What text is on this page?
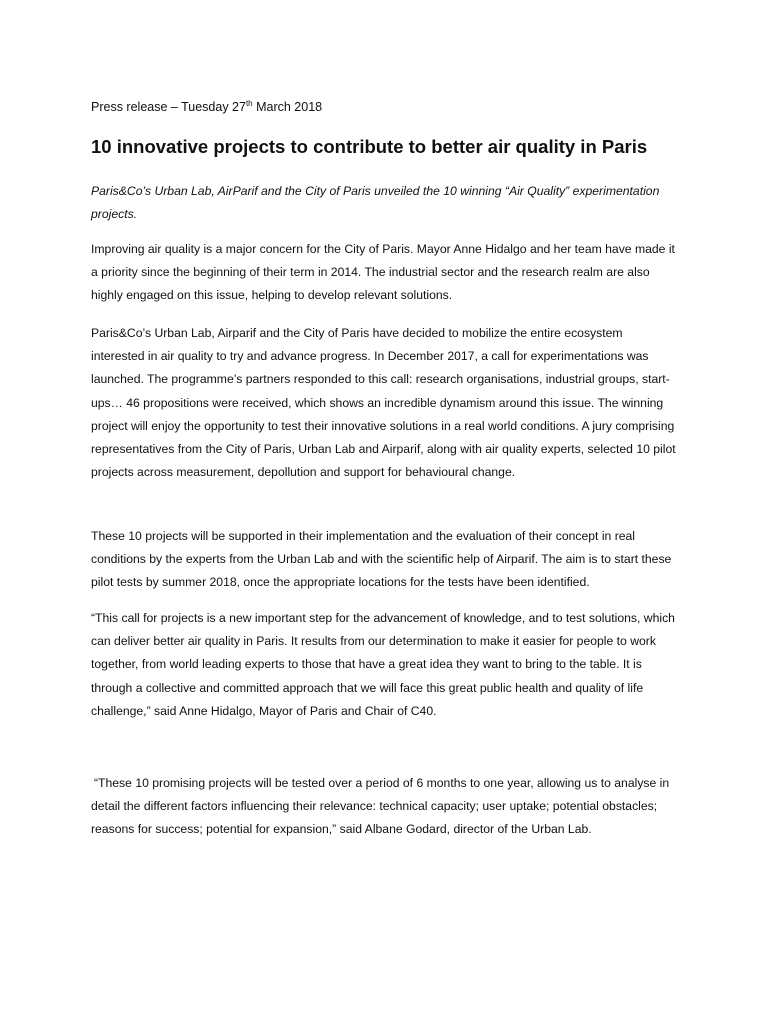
Press release – Tuesday 27th March 2018
10 innovative projects to contribute to better air quality in Paris

Paris&Co’s Urban Lab, AirParif and the City of Paris unveiled the 10 winning “Air Quality” experimentation projects.

Improving air quality is a major concern for the City of Paris. Mayor Anne Hidalgo and her team have made it a priority since the beginning of their term in 2014. The industrial sector and the research realm are also highly engaged on this issue, helping to develop relevant solutions.

Paris&Co’s Urban Lab, Airparif and the City of Paris have decided to mobilize the entire ecosystem interested in air quality to try and advance progress. In December 2017, a call for experimentations was launched. The programme’s partners responded to this call: research organisations, industrial groups, start-ups… 46 propositions were received, which shows an incredible dynamism around this issue. The winning project will enjoy the opportunity to test their innovative solutions in a real world conditions. A jury comprising representatives from the City of Paris, Urban Lab and Airparif, along with air quality experts, selected 10 pilot projects across measurement, depollution and support for behavioural change.

These 10 projects will be supported in their implementation and the evaluation of their concept in real conditions by the experts from the Urban Lab and with the scientific help of Airparif. The aim is to start these pilot tests by summer 2018, once the appropriate locations for the tests have been identified.

“This call for projects is a new important step for the advancement of knowledge, and to test solutions, which can deliver better air quality in Paris. It results from our determination to make it easier for people to work together, from world leading experts to those that have a great idea they want to bring to the table. It is through a collective and committed approach that we will face this great public health and quality of life challenge,” said Anne Hidalgo, Mayor of Paris and Chair of C40.

“These 10 promising projects will be tested over a period of 6 months to one year, allowing us to analyse in detail the different factors influencing their relevance: technical capacity; user uptake; potential obstacles; reasons for success; potential for expansion,” said Albane Godard, director of the Urban Lab.
